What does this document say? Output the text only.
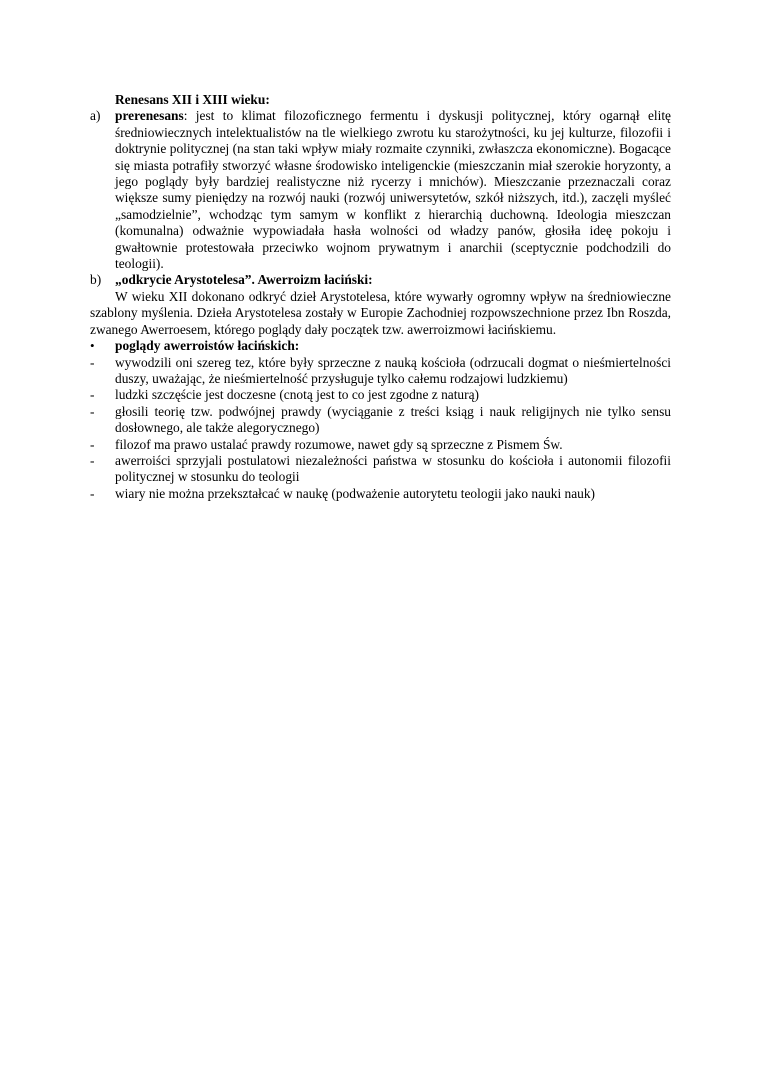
Renesans XII i XIII wieku:
a) prerenesans: jest to klimat filozoficznego fermentu i dyskusji politycznej, który ogarnął elitę średniowiecznych intelektualistów na tle wielkiego zwrotu ku starożytności, ku jej kulturze, filozofii i doktrynie politycznej (na stan taki wpływ miały rozmaite czynniki, zwłaszcza ekonomiczne). Bogacące się miasta potrafiły stworzyć własne środowisko inteligenckie (mieszczanin miał szerokie horyzonty, a jego poglądy były bardziej realistyczne niż rycerzy i mnichów). Mieszczanie przeznaczali coraz większe sumy pieniędzy na rozwój nauki (rozwój uniwersytetów, szkół niższych, itd.), zaczęli myśleć „samodzielnie”, wchodząc tym samym w konflikt z hierarchią duchowną. Ideologia mieszczan (komunalna) odważnie wypowiadała hasła wolności od władzy panów, głosiła ideę pokoju i gwałtownie protestowała przeciwko wojnom prywatnym i anarchii (sceptycznie podchodzili do teologii).
b) „odkrycie Arystotelesa”. Awerroizm łaciński:
W wieku XII dokonano odkryć dzieł Arystotelesa, które wywarły ogromny wpływ na średniowieczne szablony myślenia. Dzieła Arystotelesa zostały w Europie Zachodniej rozpowszechnione przez Ibn Roszda, zwanego Awerroesem, którego poglądy dały początek tzw. awerroizmowi łacińskiemu.
• poglądy awerroistów łacińskich:
- wywodzili oni szereg tez, które były sprzeczne z nauką kościoła (odrzucali dogmat o nieśmiertelności duszy, uważając, że nieśmiertelność przysługuje tylko całemu rodzajowi ludzkiemu)
- ludzki szczęście jest doczesne (cnotą jest to co jest zgodne z naturą)
- głosili teorię tzw. podwójnej prawdy (wyciąganie z treści ksiąg i nauk religijnych nie tylko sensu dosłownego, ale także alegorycznego)
- filozof ma prawo ustalać prawdy rozumowe, nawet gdy są sprzeczne z Pismem Św.
- awerroiści sprzyjali postulatowi niezależności państwa w stosunku do kościoła i autonomii filozofii politycznej w stosunku do teologii
- wiary nie można przekształcać w naukę (podważenie autorytetu teologii jako nauki nauk)
